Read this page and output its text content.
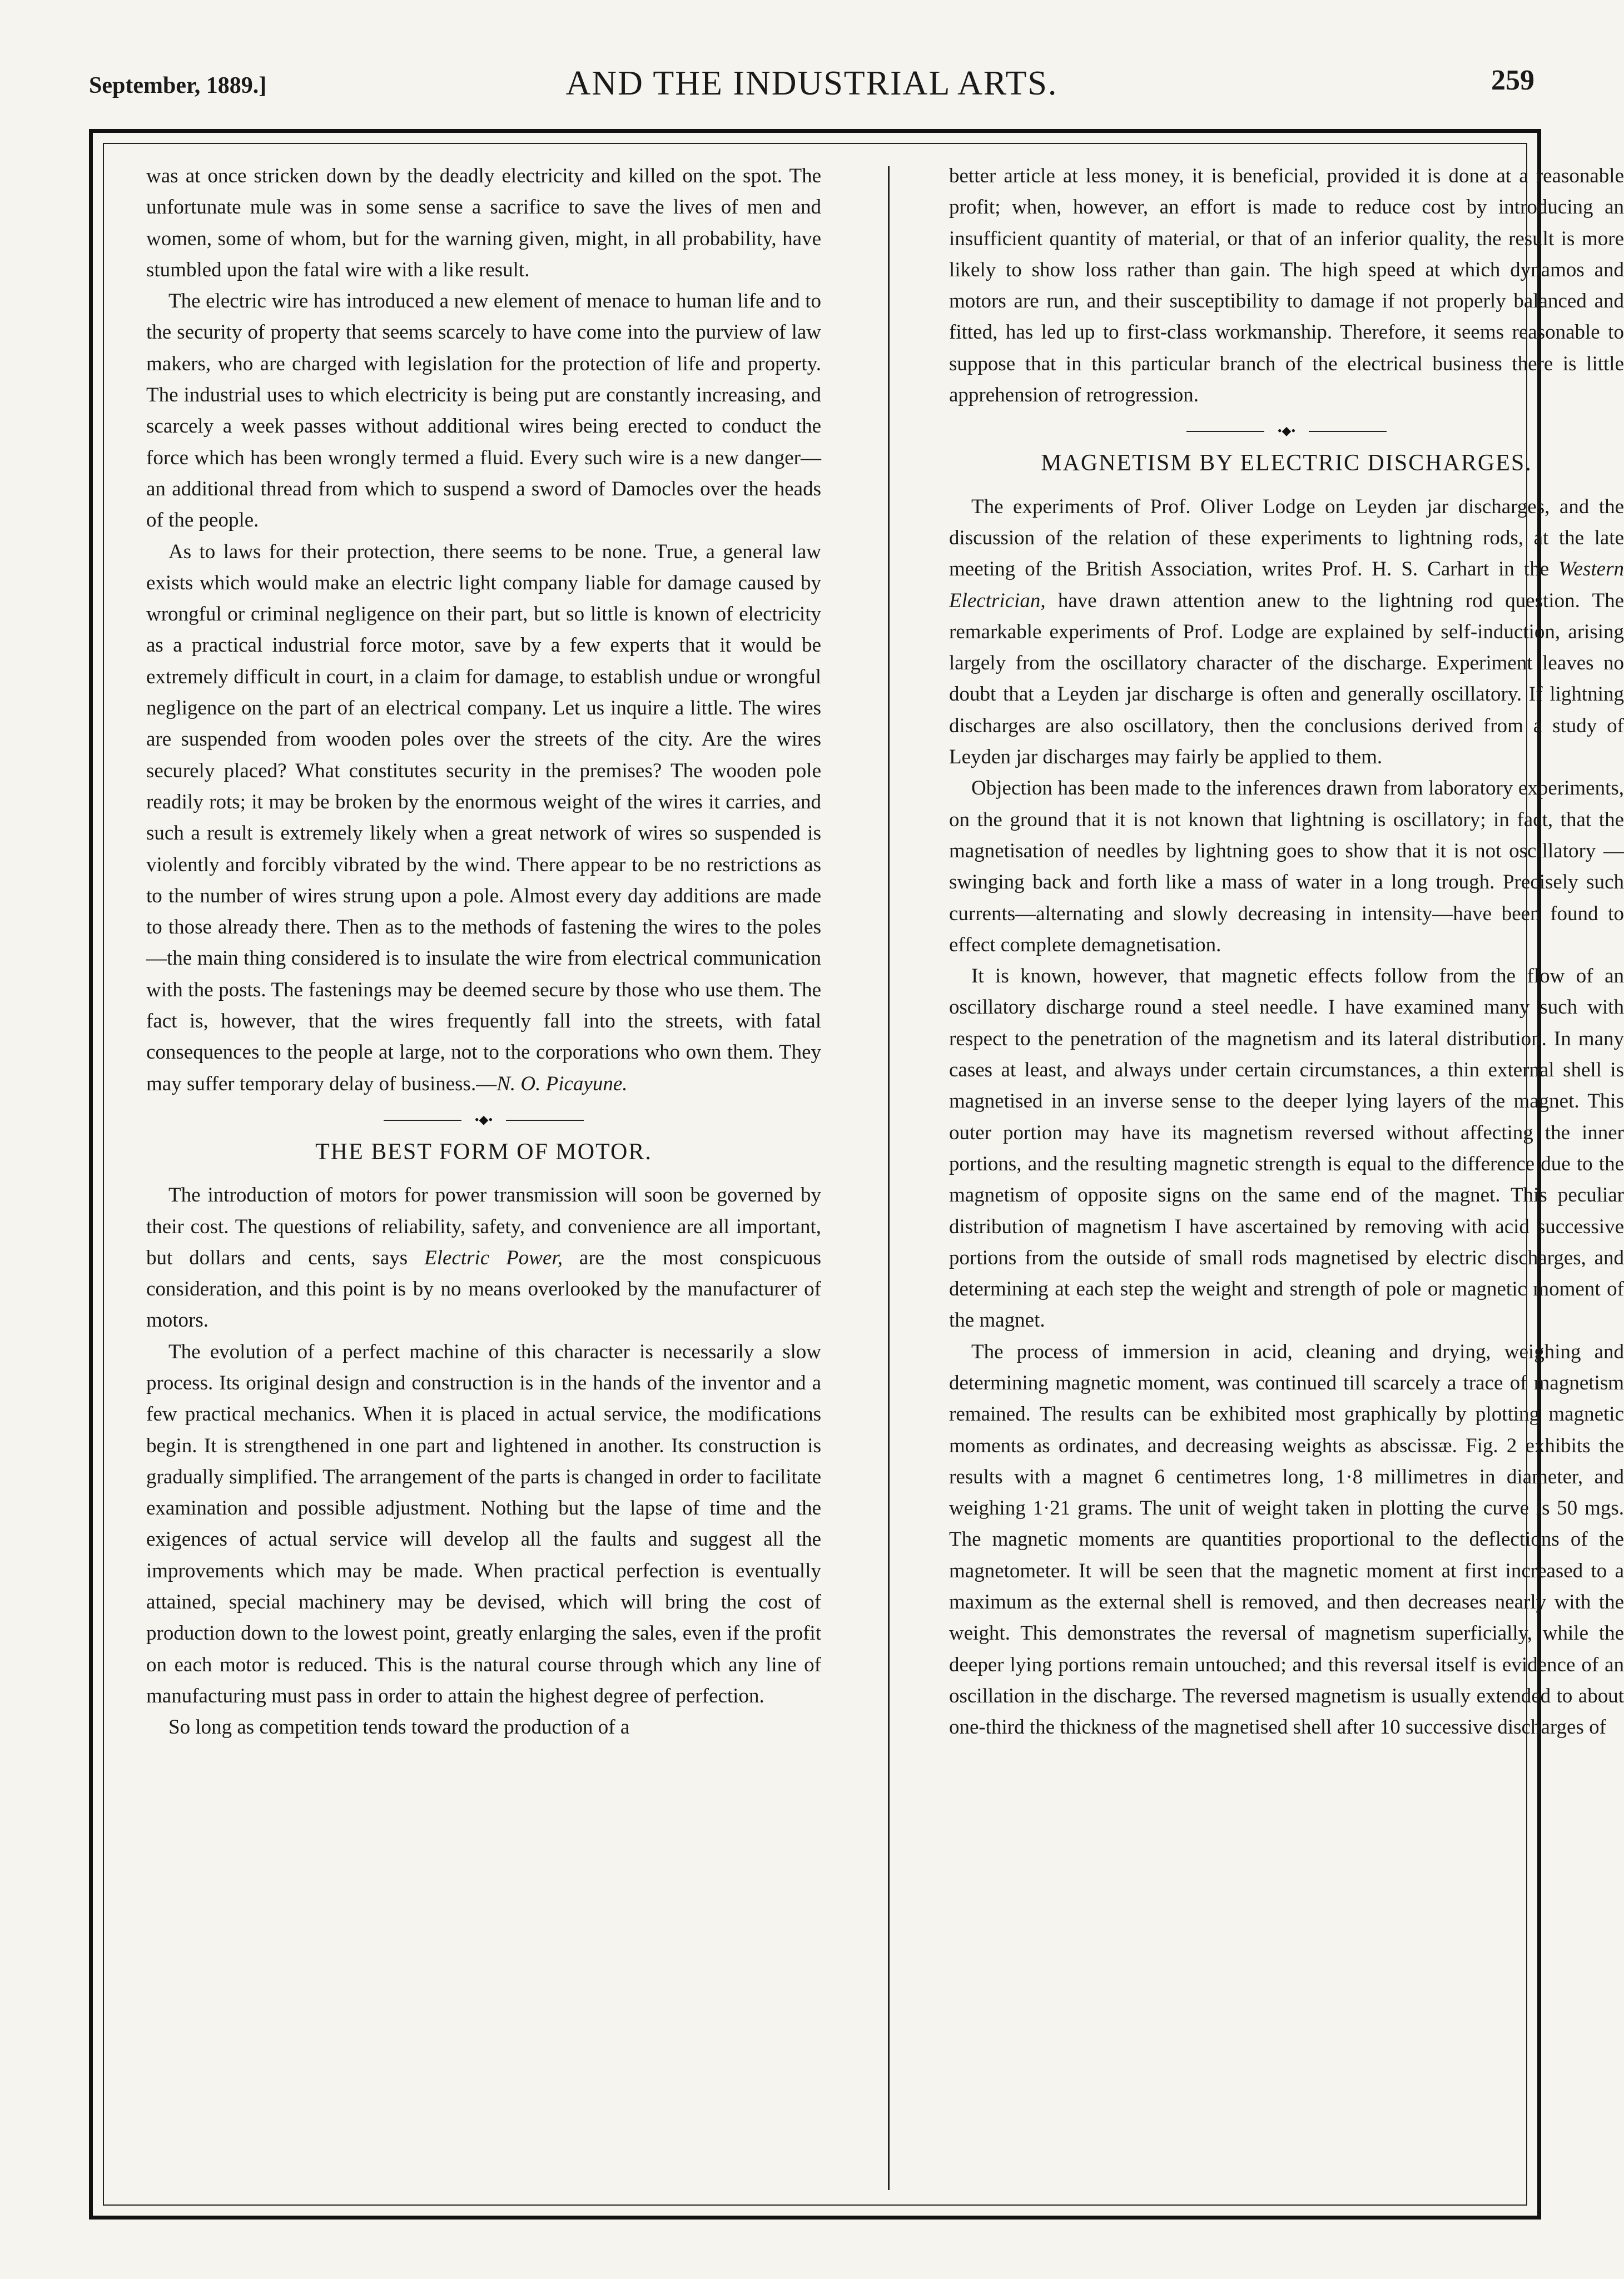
September, 1889.]	AND THE INDUSTRIAL ARTS.	259

was at once stricken down by the deadly electricity and killed on the spot. The unfortunate mule was in some sense a sacrifice to save the lives of men and women, some of whom, but for the warning given, might, in all probability, have stumbled upon the fatal wire with a like result.

The electric wire has introduced a new element of menace to human life and to the security of property that seems scarcely to have come into the purview of law makers, who are charged with legislation for the protection of life and property. The industrial uses to which electricity is being put are constantly increasing, and scarcely a week passes without additional wires being erected to conduct the force which has been wrongly termed a fluid. Every such wire is a new danger—an additional thread from which to suspend a sword of Damocles over the heads of the people.

As to laws for their protection, there seems to be none. True, a general law exists which would make an electric light company liable for damage caused by wrongful or criminal negligence on their part, but so little is known of electricity as a practical industrial force motor, save by a few experts that it would be extremely difficult in court, in a claim for damage, to establish undue or wrongful negligence on the part of an electrical company. Let us inquire a little. The wires are suspended from wooden poles over the streets of the city. Are the wires securely placed? What constitutes security in the premises? The wooden pole readily rots; it may be broken by the enormous weight of the wires it carries, and such a result is extremely likely when a great network of wires so suspended is violently and forcibly vibrated by the wind. There appear to be no restrictions as to the number of wires strung upon a pole. Almost every day additions are made to those already there. Then as to the methods of fastening the wires to the poles—the main thing considered is to insulate the wire from electrical communication with the posts. The fastenings may be deemed secure by those who use them. The fact is, however, that the wires frequently fall into the streets, with fatal consequences to the people at large, not to the corporations who own them. They may suffer temporary delay of business.—N. O. Picayune.

•◆•
THE BEST FORM OF MOTOR.

The introduction of motors for power transmission will soon be governed by their cost. The questions of reliability, safety, and convenience are all important, but dollars and cents, says Electric Power, are the most conspicuous consideration, and this point is by no means overlooked by the manufacturer of motors.

The evolution of a perfect machine of this character is necessarily a slow process. Its original design and construction is in the hands of the inventor and a few practical mechanics. When it is placed in actual service, the modifications begin. It is strengthened in one part and lightened in another. Its construction is gradually simplified. The arrangement of the parts is changed in order to facilitate examination and possible adjustment. Nothing but the lapse of time and the exigences of actual service will develop all the faults and suggest all the improvements which may be made. When practical perfection is eventually attained, special machinery may be devised, which will bring the cost of production down to the lowest point, greatly enlarging the sales, even if the profit on each motor is reduced. This is the natural course through which any line of manufacturing must pass in order to attain the highest degree of perfection.

So long as competition tends toward the production of a

better article at less money, it is beneficial, provided it is done at a reasonable profit; when, however, an effort is made to reduce cost by introducing an insufficient quantity of material, or that of an inferior quality, the result is more likely to show loss rather than gain. The high speed at which dynamos and motors are run, and their susceptibility to damage if not properly balanced and fitted, has led up to first-class workmanship. Therefore, it seems reasonable to suppose that in this particular branch of the electrical business there is little apprehension of retrogression.

•◆•
MAGNETISM BY ELECTRIC DISCHARGES.

The experiments of Prof. Oliver Lodge on Leyden jar discharges, and the discussion of the relation of these experiments to lightning rods, at the late meeting of the British Association, writes Prof. H. S. Carhart in the Western Electrician, have drawn attention anew to the lightning rod question. The remarkable experiments of Prof. Lodge are explained by self-induction, arising largely from the oscillatory character of the discharge. Experiment leaves no doubt that a Leyden jar discharge is often and generally oscillatory. If lightning discharges are also oscillatory, then the conclusions derived from a study of Leyden jar discharges may fairly be applied to them.

Objection has been made to the inferences drawn from laboratory experiments, on the ground that it is not known that lightning is oscillatory; in fact, that the magnetisation of needles by lightning goes to show that it is not oscillatory —swinging back and forth like a mass of water in a long trough. Precisely such currents—alternating and slowly decreasing in intensity—have been found to effect complete demagnetisation.

It is known, however, that magnetic effects follow from the flow of an oscillatory discharge round a steel needle. I have examined many such with respect to the penetration of the magnetism and its lateral distribution. In many cases at least, and always under certain circumstances, a thin external shell is magnetised in an inverse sense to the deeper lying layers of the magnet. This outer portion may have its magnetism reversed without affecting the inner portions, and the resulting magnetic strength is equal to the difference due to the magnetism of opposite signs on the same end of the magnet. This peculiar distribution of magnetism I have ascertained by removing with acid successive portions from the outside of small rods magnetised by electric discharges, and determining at each step the weight and strength of pole or magnetic moment of the magnet.

The process of immersion in acid, cleaning and drying, weighing and determining magnetic moment, was continued till scarcely a trace of magnetism remained. The results can be exhibited most graphically by plotting magnetic moments as ordinates, and decreasing weights as abscissæ. Fig. 2 exhibits the results with a magnet 6 centimetres long, 1·8 millimetres in diameter, and weighing 1·21 grams. The unit of weight taken in plotting the curve is 50 mgs. The magnetic moments are quantities proportional to the deflections of the magnetometer. It will be seen that the magnetic moment at first increased to a maximum as the external shell is removed, and then decreases nearly with the weight. This demonstrates the reversal of magnetism superficially, while the deeper lying portions remain untouched; and this reversal itself is evidence of an oscillation in the discharge. The reversed magnetism is usually extended to about one-third the thickness of the magnetised shell after 10 successive discharges of
